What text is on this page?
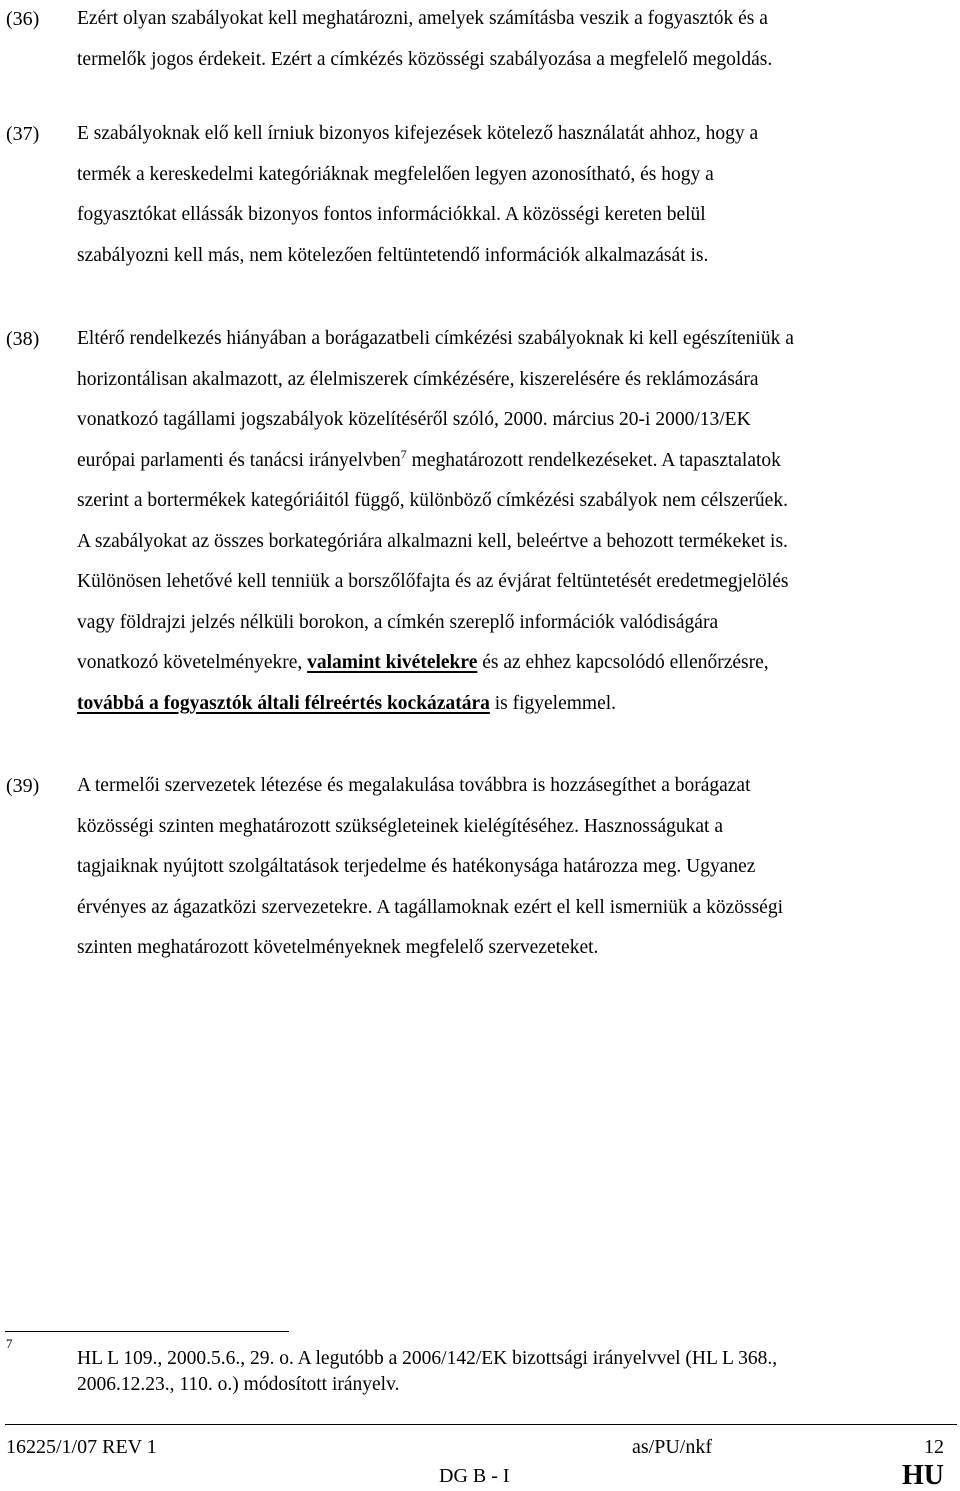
(36) Ezért olyan szabályokat kell meghatározni, amelyek számításba veszik a fogyasztók és a
termelők jogos érdekeit. Ezért a címkézés közösségi szabályozása a megfelelő megoldás.
(37) E szabályoknak elő kell írniuk bizonyos kifejezések kötelező használatát ahhoz, hogy a
termék a kereskedelmi kategóriáknak megfelelően legyen azonosítható, és hogy a
fogyasztókat ellássák bizonyos fontos információkkal. A közösségi kereten belül
szabályozni kell más, nem kötelezően feltüntetendő információk alkalmazását is.
(38) Eltérő rendelkezés hiányában a borágazatbeli címkézési szabályoknak ki kell egészíteniük a
horizontálisan akalmazott, az élelmiszerek címkézésére, kiszerelésére és reklámozására
vonatkozó tagállami jogszabályok közelítéséről szóló, 2000. március 20-i 2000/13/EK
európai parlamenti és tanácsi irányelvben$^7$ meghatározott rendelkezéseket. A tapasztalatok
szerint a bortermékek kategóriáitól függő, különböző címkézési szabályok nem célszerűek.
A szabályokat az összes borkategóriára alkalmazni kell, beleértve a behozott termékeket is.
Különösen lehetővé kell tenniük a borszőlőfajta és az évjárat feltüntetését eredetmegjelölés
vagy földrajzi jelzés nélküli borokon, a címkén szereplő információk valódiságára
vonatkozó követelményekre, valamint kivételekre és az ehhez kapcsolódó ellenőrzésre,
továbbá a fogyasztók általi félreértés kockázatára is figyelemmel.
(39) A termelői szervezetek létezése és megalakulása továbbra is hozzásegíthet a borágazat
közösségi szinten meghatározott szükségleteinek kielégítéséhez. Hasznosságukat a
tagjaiknak nyújtott szolgáltatások terjedelme és hatékonysága határozza meg. Ugyanez
érvényes az ágazatközi szervezetekre. A tagállamoknak ezért el kell ismerniük a közösségi
szinten meghatározott követelményeknek megfelelő szervezeteket.
7
HL L 109., 2000.5.6., 29. o. A legutóbb a 2006/142/EK bizottsági irányelvvel (HL L 368.,
2006.12.23., 110. o.) módosított irányelv.
16225/1/07 REV 1	as/PU/nkf	12
DG B - I	HU
